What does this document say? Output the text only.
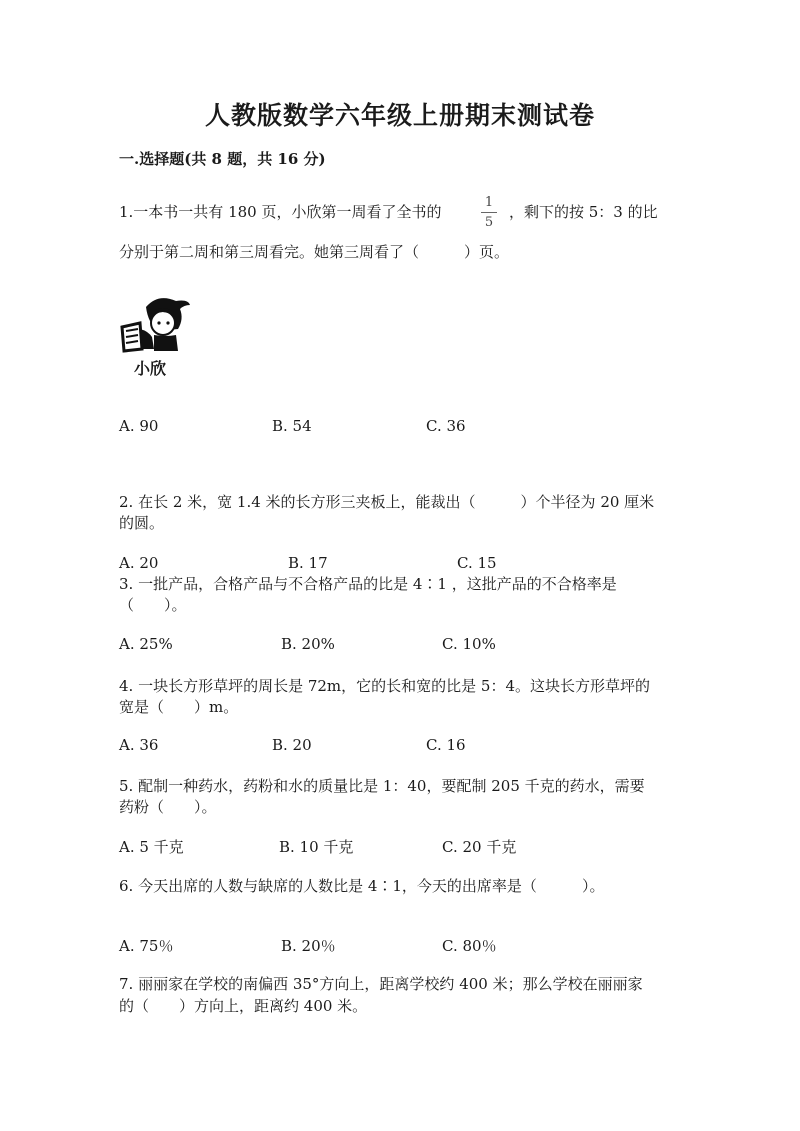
人教版数学六年级上册期末测试卷
一.选择题(共 8 题，共 16 分)
1.一本书一共有 180 页，小欣第一周看了全书的
1
5
，剩下的按 5：3 的比
分别于第二周和第三周看完。她第三周看了（　　　）页。
小欣
A. 90	B. 54	C. 36
2. 在长 2 米，宽 1.4 米的长方形三夹板上，能裁出（　　　）个半径为 20 厘米
的圆。
A. 20	B. 17	C. 15
3. 一批产品，合格产品与不合格产品的比是 4∶1 ，这批产品的不合格率是
（　　）。
A. 25%	B. 20%	C. 10%
4. 一块长方形草坪的周长是 72m，它的长和宽的比是 5：4。这块长方形草坪的
宽是（　　）m。
A. 36	B. 20	C. 16
5. 配制一种药水，药粉和水的质量比是 1：40，要配制 205 千克的药水，需要
药粉（　　）。
A. 5 千克	B. 10 千克	C. 20 千克
6. 今天出席的人数与缺席的人数比是 4∶1，今天的出席率是（　　　）。
A. 75％	B. 20％	C. 80％
7. 丽丽家在学校的南偏西 35°方向上，距离学校约 400 米；那么学校在丽丽家
的（　　）方向上，距离约 400 米。
